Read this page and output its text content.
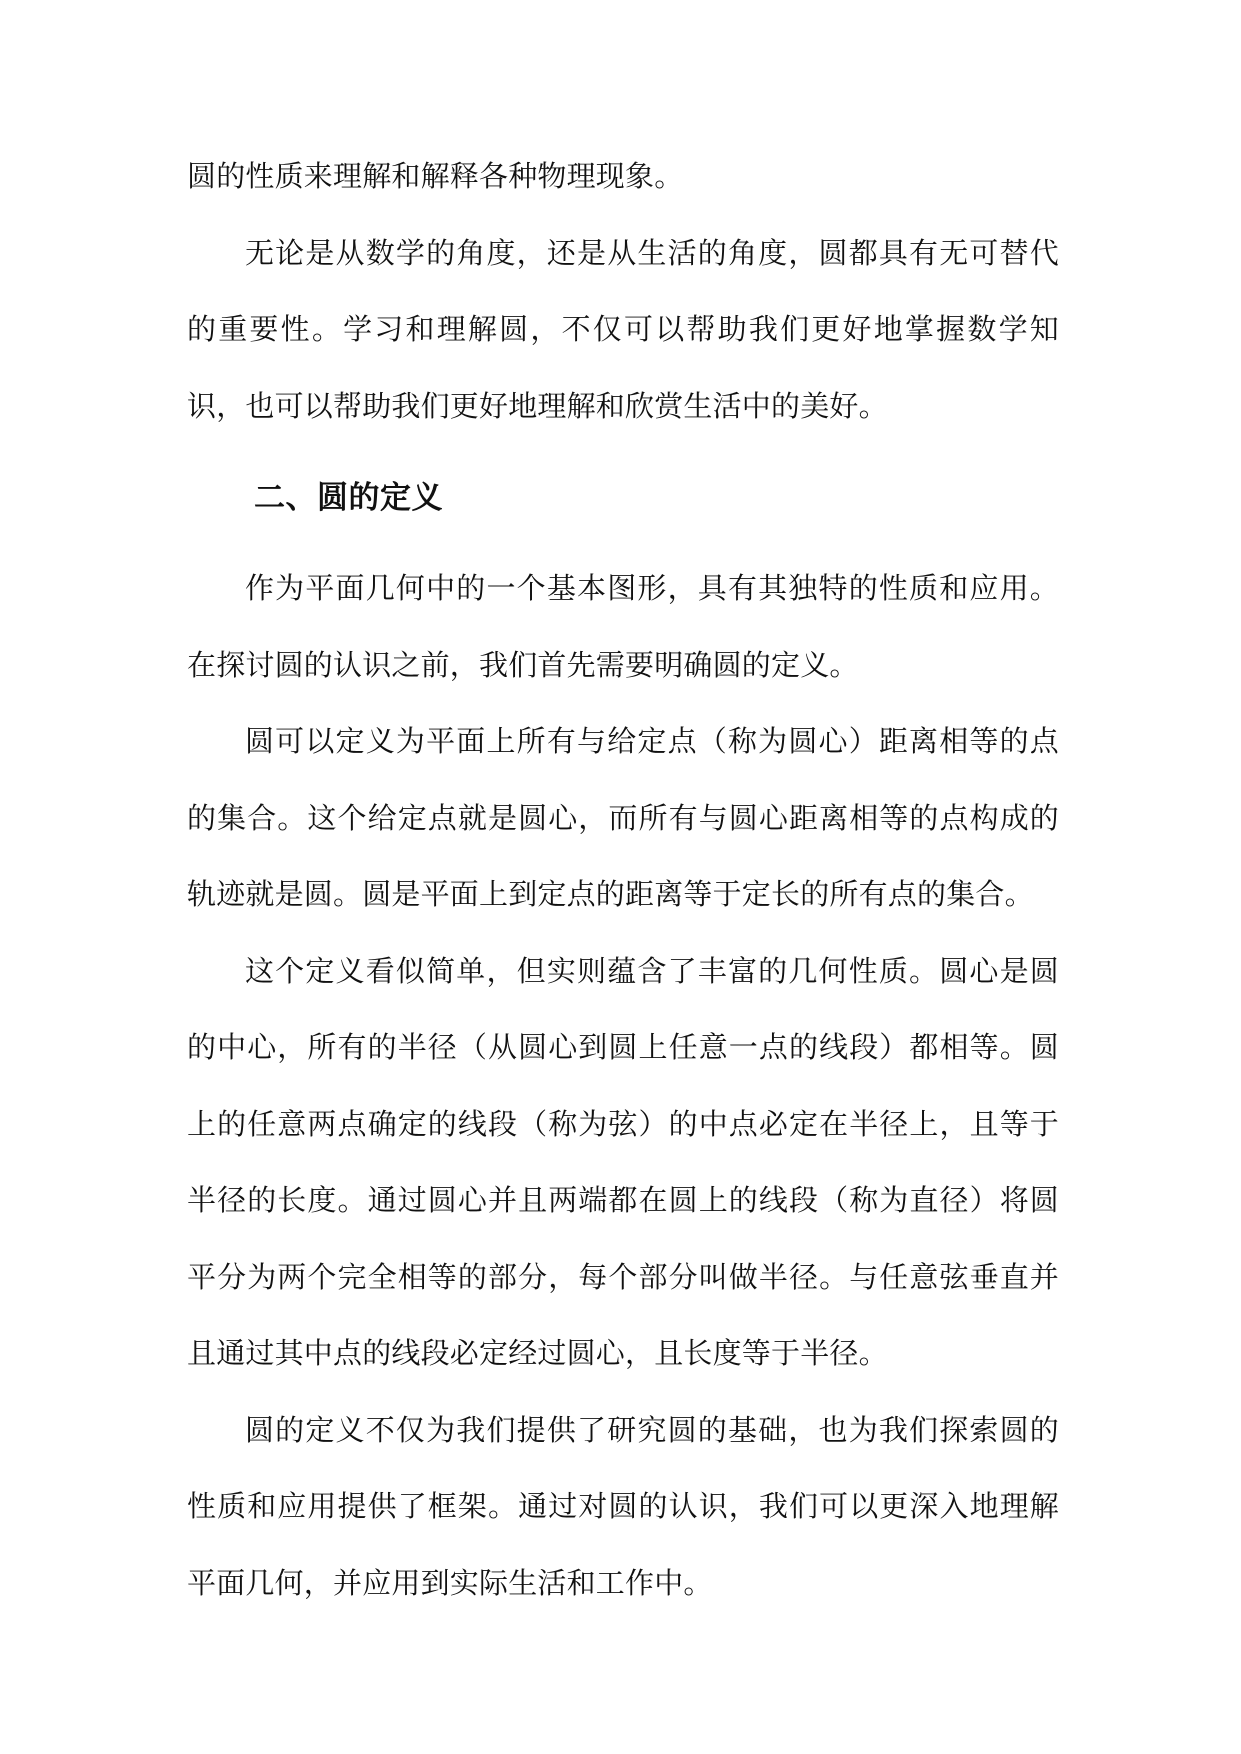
圆的性质来理解和解释各种物理现象。

无论是从数学的角度，还是从生活的角度，圆都具有无可替代的重要性。学习和理解圆，不仅可以帮助我们更好地掌握数学知识，也可以帮助我们更好地理解和欣赏生活中的美好。

二、圆的定义

作为平面几何中的一个基本图形，具有其独特的性质和应用。在探讨圆的认识之前，我们首先需要明确圆的定义。

圆可以定义为平面上所有与给定点（称为圆心）距离相等的点的集合。这个给定点就是圆心，而所有与圆心距离相等的点构成的轨迹就是圆。圆是平面上到定点的距离等于定长的所有点的集合。

这个定义看似简单，但实则蕴含了丰富的几何性质。圆心是圆的中心，所有的半径（从圆心到圆上任意一点的线段）都相等。圆上的任意两点确定的线段（称为弦）的中点必定在半径上，且等于半径的长度。通过圆心并且两端都在圆上的线段（称为直径）将圆平分为两个完全相等的部分，每个部分叫做半径。与任意弦垂直并且通过其中点的线段必定经过圆心，且长度等于半径。

圆的定义不仅为我们提供了研究圆的基础，也为我们探索圆的性质和应用提供了框架。通过对圆的认识，我们可以更深入地理解平面几何，并应用到实际生活和工作中。
